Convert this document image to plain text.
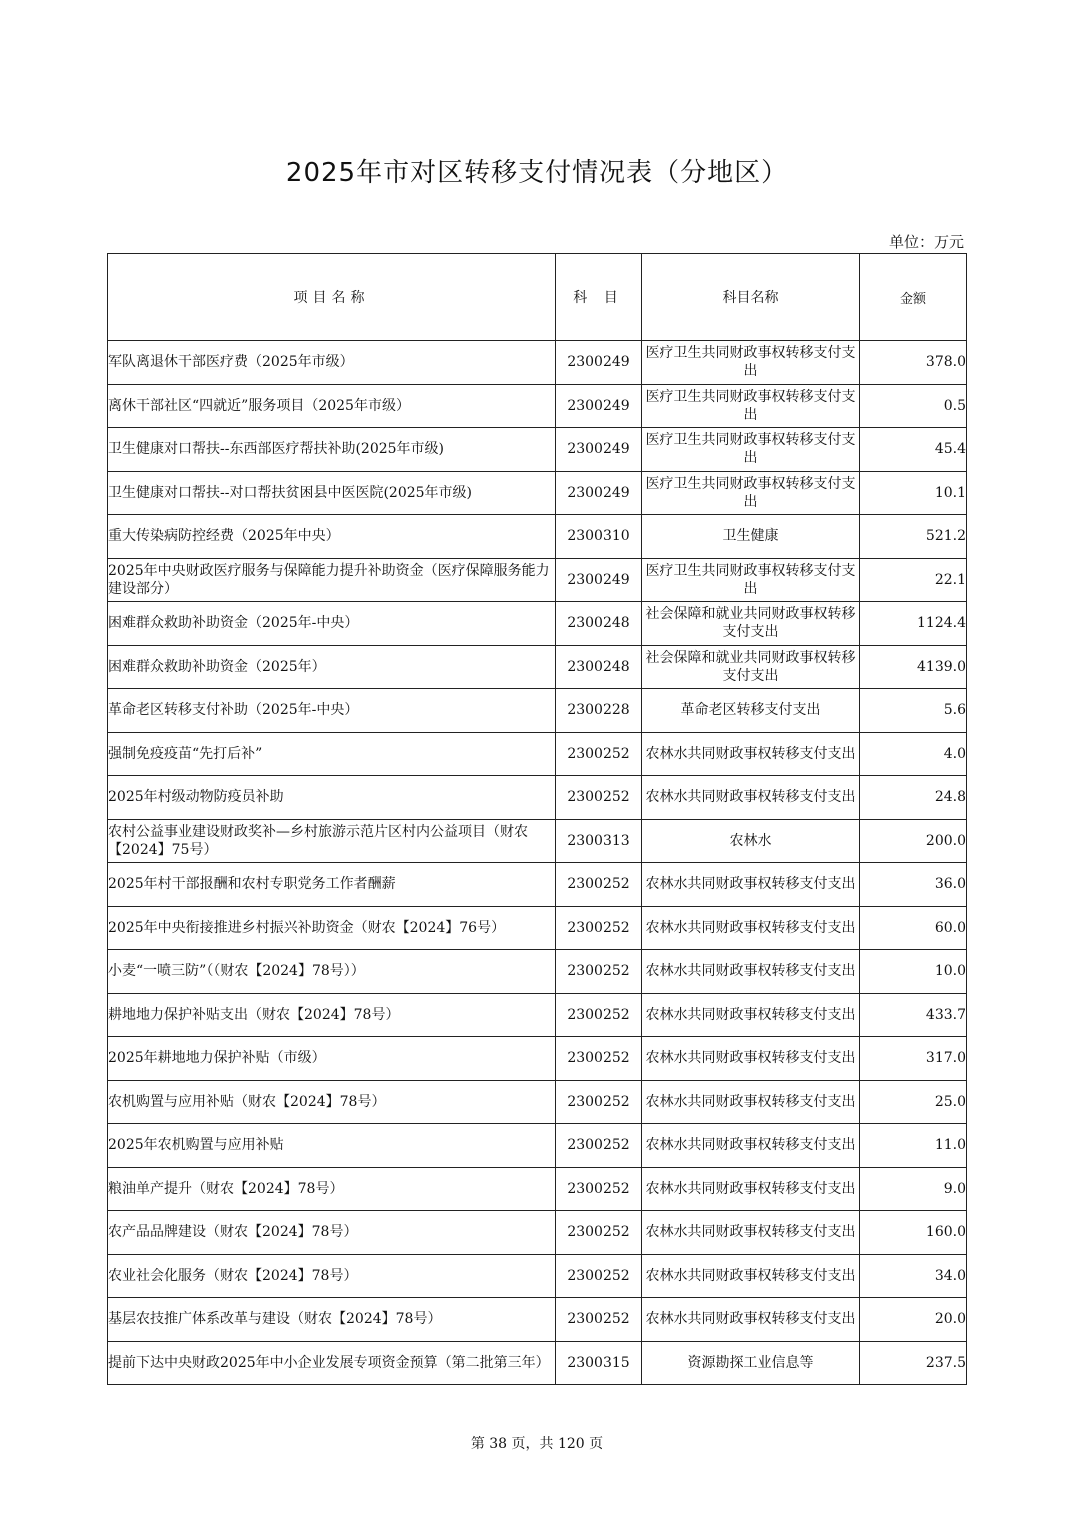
2025年市对区转移支付情况表（分地区）
单位：万元
项目名称	科 目	科目名称	金额
军队离退休干部医疗费（2025年市级）	2300249	医疗卫生共同财政事权转移支付支出	378.0
离休干部社区“四就近”服务项目（2025年市级）	2300249	医疗卫生共同财政事权转移支付支出	0.5
卫生健康对口帮扶--东西部医疗帮扶补助(2025年市级)	2300249	医疗卫生共同财政事权转移支付支出	45.4
卫生健康对口帮扶--对口帮扶贫困县中医医院(2025年市级)	2300249	医疗卫生共同财政事权转移支付支出	10.1
重大传染病防控经费（2025年中央）	2300310	卫生健康	521.2
2025年中央财政医疗服务与保障能力提升补助资金（医疗保障服务能力建设部分）	2300249	医疗卫生共同财政事权转移支付支出	22.1
困难群众救助补助资金（2025年-中央）	2300248	社会保障和就业共同财政事权转移支付支出	1124.4
困难群众救助补助资金（2025年）	2300248	社会保障和就业共同财政事权转移支付支出	4139.0
革命老区转移支付补助（2025年-中央）	2300228	革命老区转移支付支出	5.6
强制免疫疫苗“先打后补”	2300252	农林水共同财政事权转移支付支出	4.0
2025年村级动物防疫员补助	2300252	农林水共同财政事权转移支付支出	24.8
农村公益事业建设财政奖补—乡村旅游示范片区村内公益项目（财农【2024】75号）	2300313	农林水	200.0
2025年村干部报酬和农村专职党务工作者酬薪	2300252	农林水共同财政事权转移支付支出	36.0
2025年中央衔接推进乡村振兴补助资金（财农【2024】76号）	2300252	农林水共同财政事权转移支付支出	60.0
小麦“一喷三防”（（财农【2024】78号））	2300252	农林水共同财政事权转移支付支出	10.0
耕地地力保护补贴支出（财农【2024】78号）	2300252	农林水共同财政事权转移支付支出	433.7
2025年耕地地力保护补贴（市级）	2300252	农林水共同财政事权转移支付支出	317.0
农机购置与应用补贴（财农【2024】78号）	2300252	农林水共同财政事权转移支付支出	25.0
2025年农机购置与应用补贴	2300252	农林水共同财政事权转移支付支出	11.0
粮油单产提升（财农【2024】78号）	2300252	农林水共同财政事权转移支付支出	9.0
农产品品牌建设（财农【2024】78号）	2300252	农林水共同财政事权转移支付支出	160.0
农业社会化服务（财农【2024】78号）	2300252	农林水共同财政事权转移支付支出	34.0
基层农技推广体系改革与建设（财农【2024】78号）	2300252	农林水共同财政事权转移支付支出	20.0
提前下达中央财政2025年中小企业发展专项资金预算（第二批第三年）	2300315	资源勘探工业信息等	237.5
第 38 页，共 120 页
